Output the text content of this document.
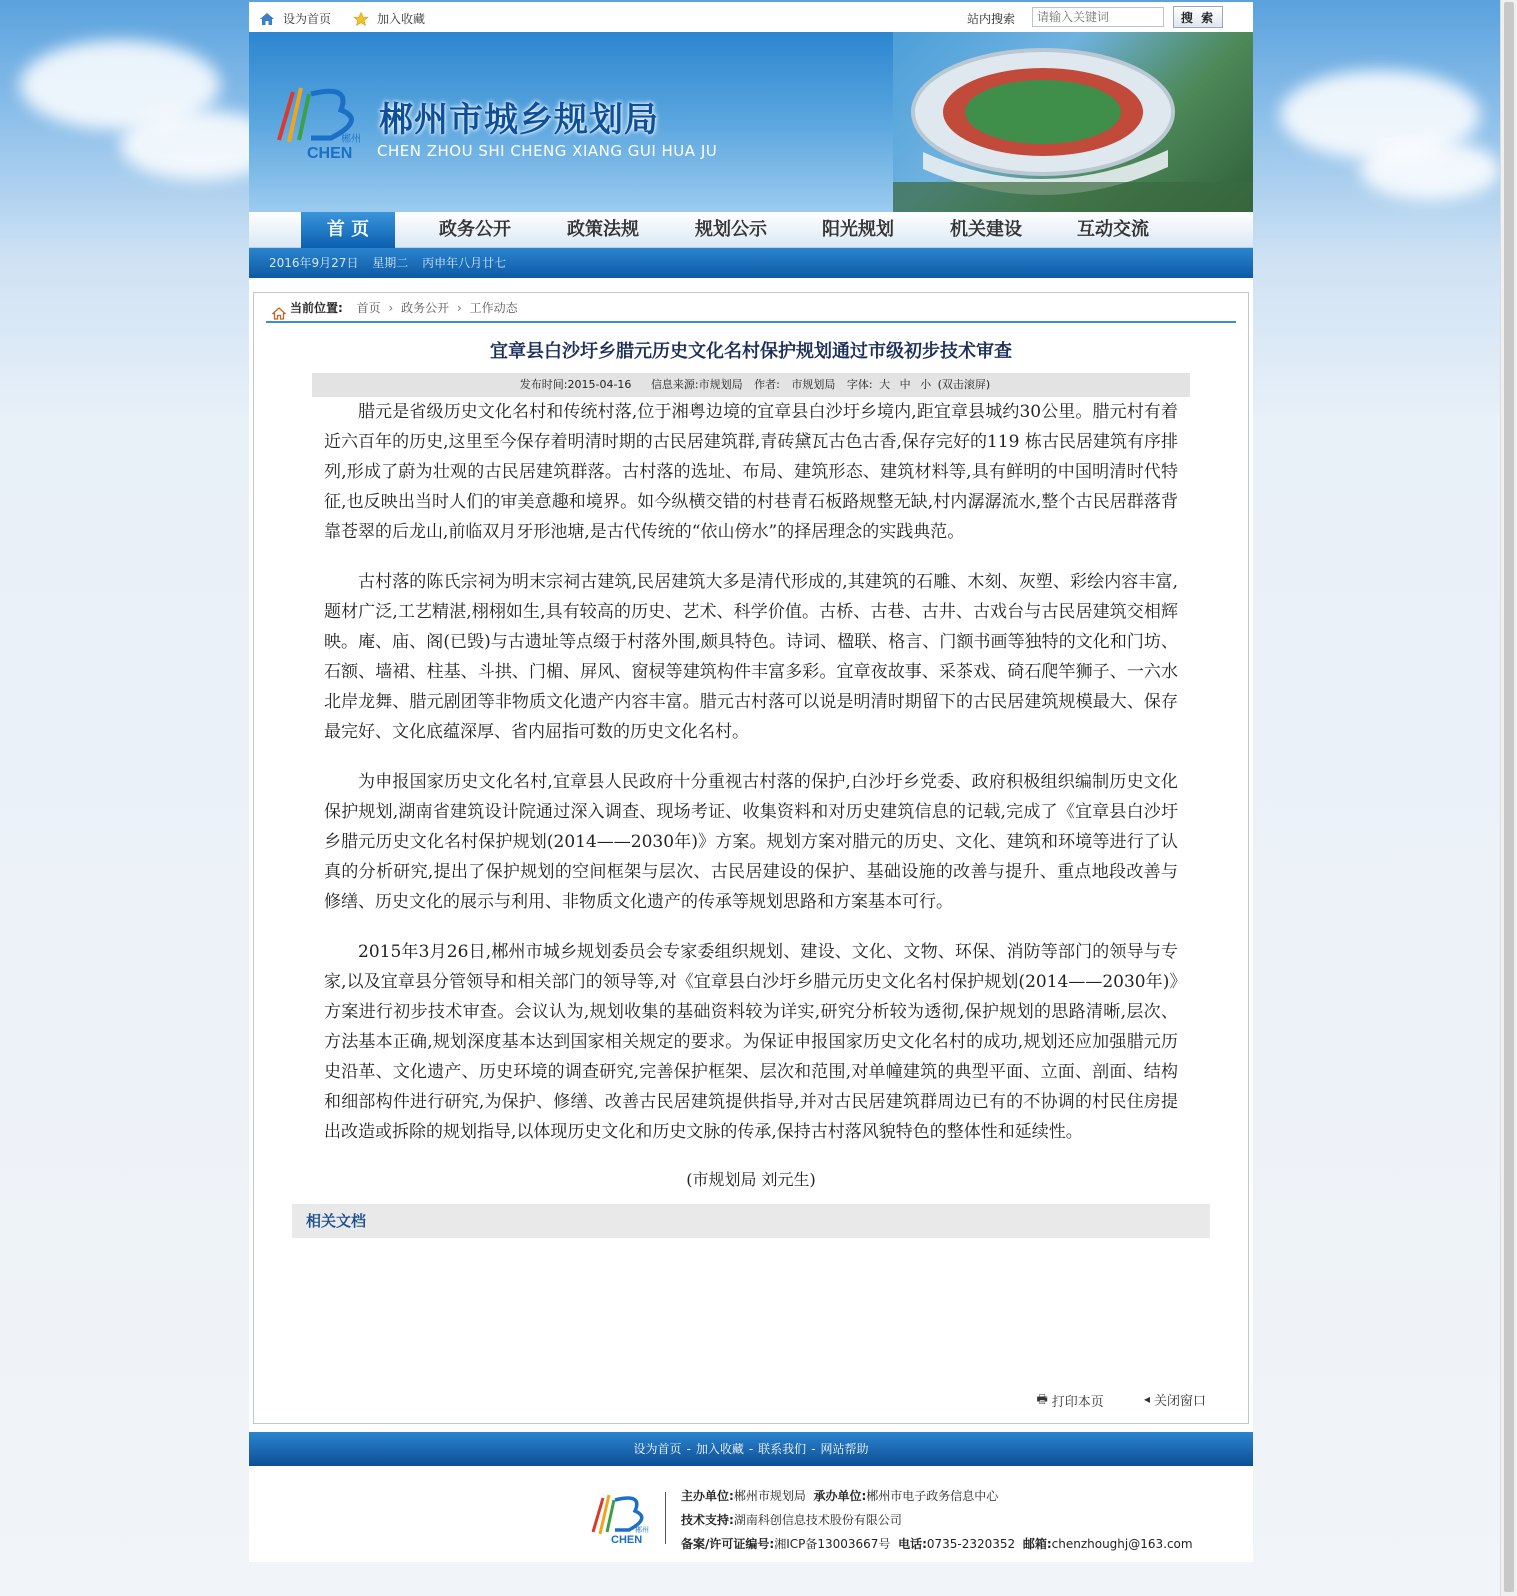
设为首页	加入收藏	站内搜索
请输入关键词	搜 索
CHEN
郴州 郴州市城乡规划局
CHEN ZHOU SHI CHENG XIANG GUI HUA JU
首 页	政务公开	政策法规	规划公示	阳光规划	机关建设	互动交流
2016年9月27日 星期二 丙申年八月廿七
当前位置: 首页 › 政务公开 › 工作动态
宜章县白沙圩乡腊元历史文化名村保护规划通过市级初步技术审查
发布时间:2015-04-16 信息来源:市规划局 作者: 市规划局 字体: 大 中 小 (双击滚屏)

腊元是省级历史文化名村和传统村落,位于湘粤边境的宜章县白沙圩乡境内,距宜章县城约30公里。腊元村有着近六百年的历史,这里至今保存着明清时期的古民居建筑群,青砖黛瓦古色古香,保存完好的119 栋古民居建筑有序排列,形成了蔚为壮观的古民居建筑群落。古村落的选址、布局、建筑形态、建筑材料等,具有鲜明的中国明清时代特征,也反映出当时人们的审美意趣和境界。如今纵横交错的村巷青石板路规整无缺,村内潺潺流水,整个古民居群落背靠苍翠的后龙山,前临双月牙形池塘,是古代传统的“依山傍水”的择居理念的实践典范。

古村落的陈氏宗祠为明末宗祠古建筑,民居建筑大多是清代形成的,其建筑的石雕、木刻、灰塑、彩绘内容丰富,题材广泛,工艺精湛,栩栩如生,具有较高的历史、艺术、科学价值。古桥、古巷、古井、古戏台与古民居建筑交相辉映。庵、庙、阁(已毁)与古遗址等点缀于村落外围,颇具特色。诗词、楹联、格言、门额书画等独特的文化和门坊、石额、墙裙、柱基、斗拱、门楣、屏风、窗棂等建筑构件丰富多彩。宜章夜故事、采茶戏、碕石爬竿狮子、一六水北岸龙舞、腊元剧团等非物质文化遗产内容丰富。腊元古村落可以说是明清时期留下的古民居建筑规模最大、保存最完好、文化底蕴深厚、省内屈指可数的历史文化名村。

为申报国家历史文化名村,宜章县人民政府十分重视古村落的保护,白沙圩乡党委、政府积极组织编制历史文化保护规划,湖南省建筑设计院通过深入调查、现场考证、收集资料和对历史建筑信息的记载,完成了《宜章县白沙圩乡腊元历史文化名村保护规划(2014——2030年)》方案。规划方案对腊元的历史、文化、建筑和环境等进行了认真的分析研究,提出了保护规划的空间框架与层次、古民居建设的保护、基础设施的改善与提升、重点地段改善与修缮、历史文化的展示与利用、非物质文化遗产的传承等规划思路和方案基本可行。

2015年3月26日,郴州市城乡规划委员会专家委组织规划、建设、文化、文物、环保、消防等部门的领导与专家,以及宜章县分管领导和相关部门的领导等,对《宜章县白沙圩乡腊元历史文化名村保护规划(2014——2030年)》方案进行初步技术审查。会议认为,规划收集的基础资料较为详实,研究分析较为透彻,保护规划的思路清晰,层次、方法基本正确,规划深度基本达到国家相关规定的要求。为保证申报国家历史文化名村的成功,规划还应加强腊元历史沿革、文化遗产、历史环境的调查研究,完善保护框架、层次和范围,对单幢建筑的典型平面、立面、剖面、结构和细部构件进行研究,为保护、修缮、改善古民居建筑提供指导,并对古民居建筑群周边已有的不协调的村民住房提出改造或拆除的规划指导,以体现历史文化和历史文脉的传承,保持古村落风貌特色的整体性和延续性。

(市规划局 刘元生)
相关文档
🖶 打印本页
	◂ 关闭窗口
设为首页 - 加入收藏 - 联系我们 - 网站帮助
CHEN
郴州
主办单位:郴州市规划局 承办单位:郴州市电子政务信息中心
技术支持:湖南科创信息技术股份有限公司
备案/许可证编号:湘ICP备13003667号 电话:0735-2320352 邮箱:chenzhoughj@163.com
